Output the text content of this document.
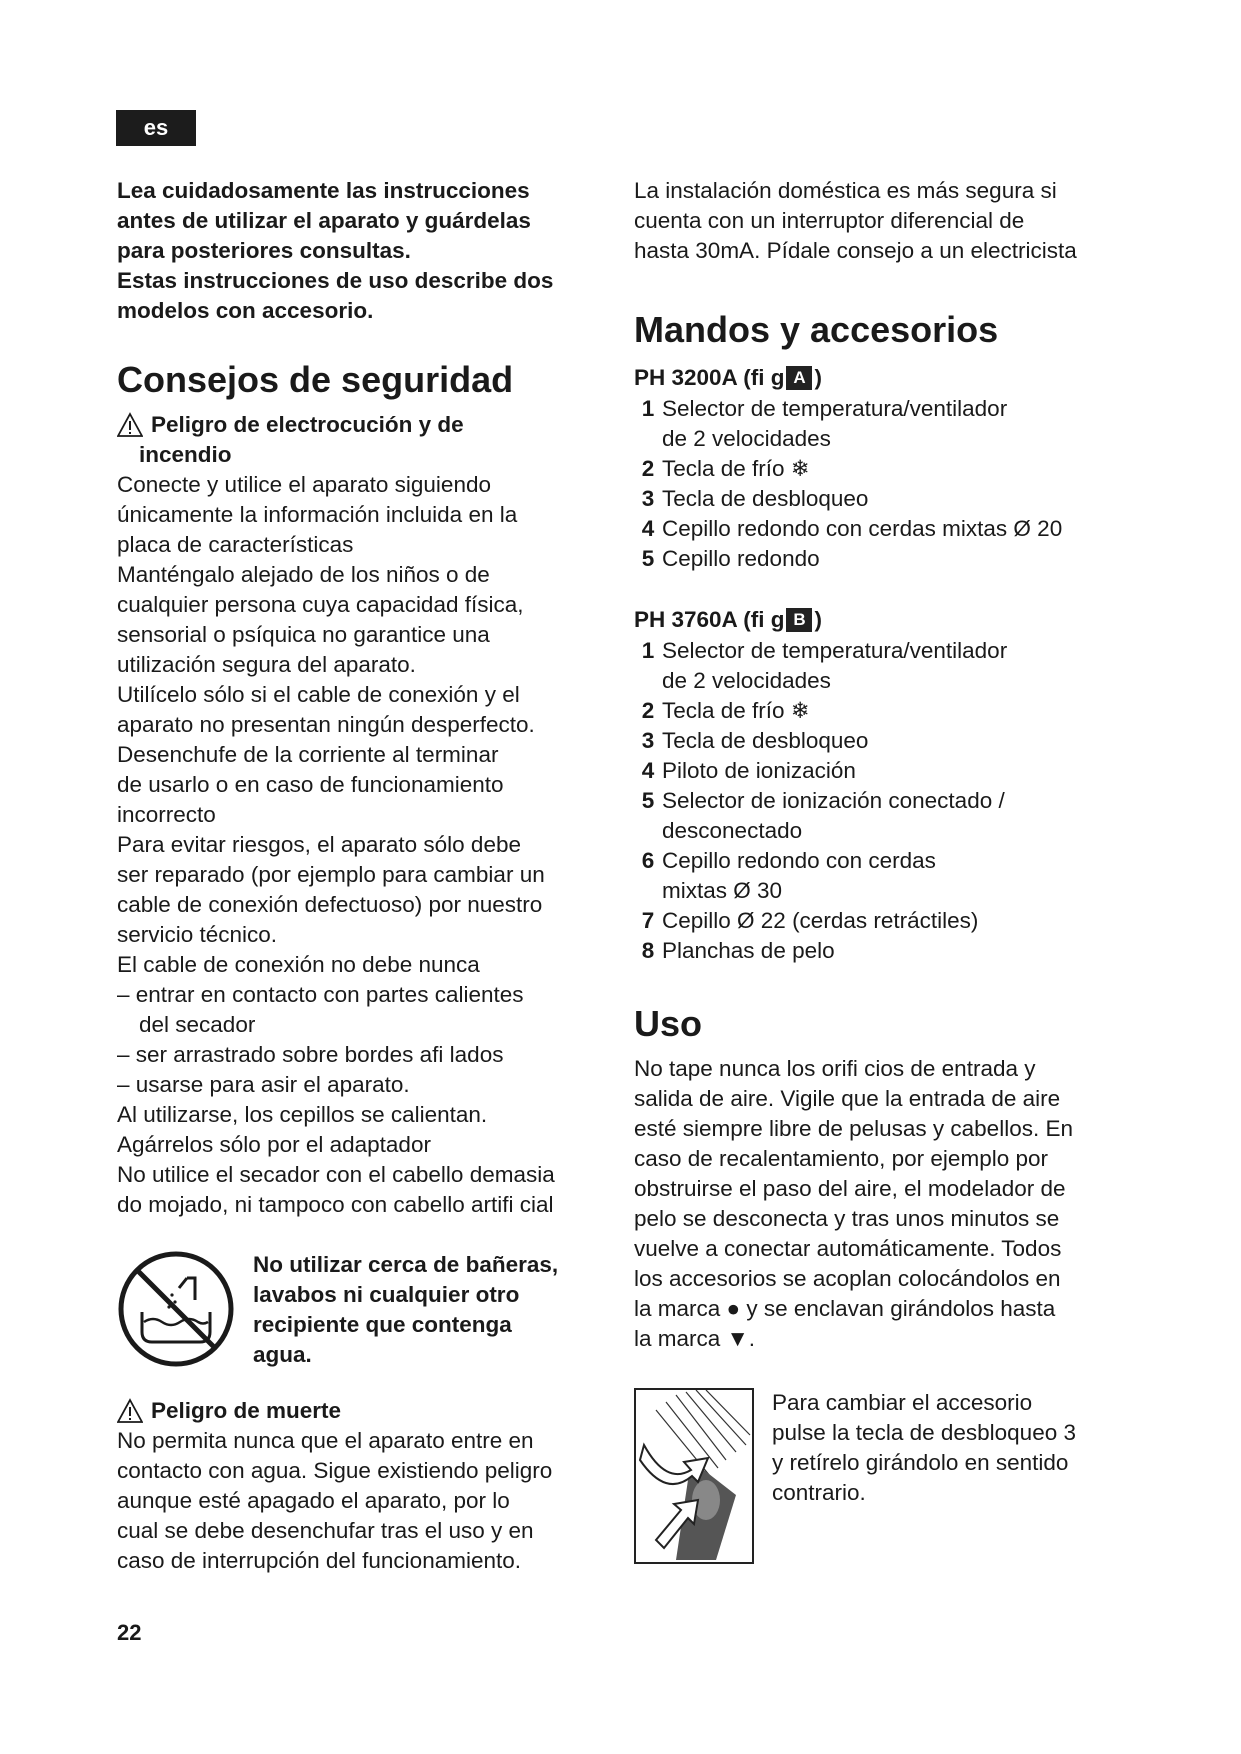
es

Lea cuidadosamente las instrucciones

antes de utilizar el aparato y guárdelas

para posteriores consultas.

Estas instrucciones de uso describe dos

modelos con accesorio.

Consejos de seguridad
Peligro de electrocución y de

incendio

Conecte y utilice el aparato siguiendo

únicamente la información incluida en la

placa de características

Manténgalo alejado de los niños o de

cualquier persona cuya capacidad física,

sensorial o psíquica no garantice una

utilización segura del aparato.

Utilícelo sólo si el cable de conexión y el

aparato no presentan ningún desperfecto.

Desenchufe de la corriente al terminar

de usarlo o en caso de funcionamiento

incorrecto

Para evitar riesgos, el aparato sólo debe

ser reparado (por ejemplo para cambiar un

cable de conexión defectuoso) por nuestro

servicio técnico.

El cable de conexión no debe nunca

– entrar en contacto con partes calientes

del secador

– ser arrastrado sobre bordes afi lados

– usarse para asir el aparato.

Al utilizarse, los cepillos se calientan.

Agárrelos sólo por el adaptador

No utilice el secador con el cabello demasia

do mojado, ni tampoco con cabello artifi cial

No utilizar cerca de bañeras,
lavabos ni cualquier otro
recipiente que contenga
agua.
Peligro de muerte

No permita nunca que el aparato entre en

contacto con agua. Sigue existiendo peligro

aunque esté apagado el aparato, por lo

cual se debe desenchufar tras el uso y en

caso de interrupción del funcionamiento.

La instalación doméstica es más segura si

cuenta con un interruptor diferencial de

hasta 30mA. Pídale consejo a un electricista

Mandos y accesorios
PH 3200A (fi g A )
1 Selector de temperatura/ventilador
de 2 velocidades
2 Tecla de frío ❄
3 Tecla de desbloqueo
4 Cepillo redondo con cerdas mixtas Ø 20
5 Cepillo redondo
PH 3760A (fi g B )
1 Selector de temperatura/ventilador
de 2 velocidades
2 Tecla de frío ❄
3 Tecla de desbloqueo
4 Piloto de ionización
5 Selector de ionización conectado /
desconectado
6 Cepillo redondo con cerdas
mixtas Ø 30
7 Cepillo Ø 22 (cerdas retráctiles)
8 Planchas de pelo
Uso

No tape nunca los orifi cios de entrada y

salida de aire. Vigile que la entrada de aire

esté siempre libre de pelusas y cabellos. En

caso de recalentamiento, por ejemplo por

obstruirse el paso del aire, el modelador de

pelo se desconecta y tras unos minutos se

vuelve a conectar automáticamente. Todos

los accesorios se acoplan colocándolos en

la marca ● y se enclavan girándolos hasta

la marca ▼.

Para cambiar el accesorio
pulse la tecla de desbloqueo 3
y retírelo girándolo en sentido
contrario.
22
